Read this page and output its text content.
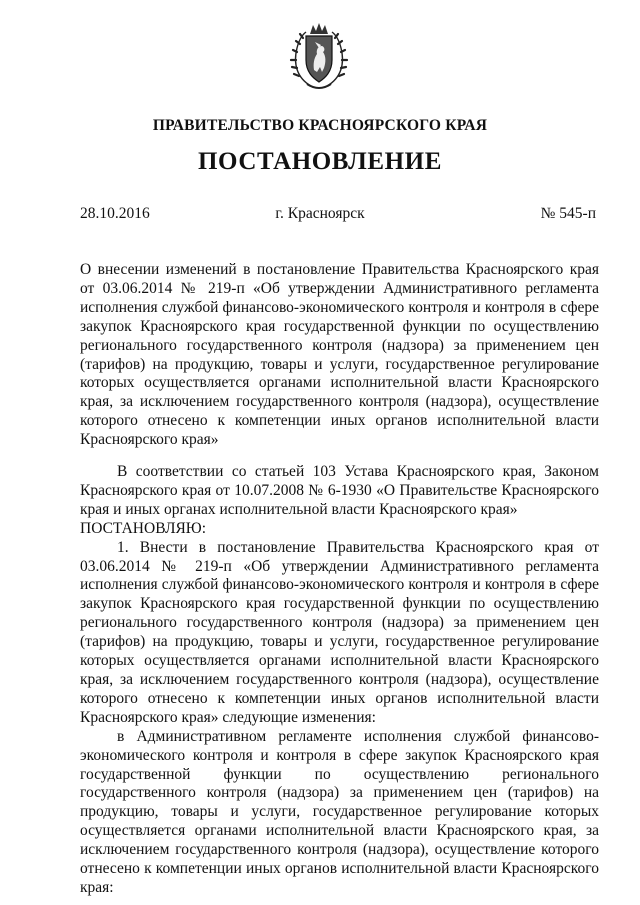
ПРАВИТЕЛЬСТВО КРАСНОЯРСКОГО КРАЯ
ПОСТАНОВЛЕНИЕ
28.10.2016	г. Красноярск	№ 545-п

О внесении изменений в постановление Правительства Красноярского края от 03.06.2014 № 219-п «Об утверждении Административного регламента исполнения службой финансово-экономического контроля и контроля в сфере закупок Красноярского края государственной функции по осуществлению регионального государственного контроля (надзора) за применением цен (тарифов) на продукцию, товары и услуги, государственное регулирование которых осуществляется органами исполнительной власти Красноярского края, за исключением государственного контроля (надзора), осуществление которого отнесено к компетенции иных органов исполнительной власти Красноярского края»

В соответствии со статьей 103 Устава Красноярского края, Законом Красноярского края от 10.07.2008 № 6-1930 «О Правительстве Красноярского края и иных органах исполнительной власти Красноярского края»

ПОСТАНОВЛЯЮ:

1. Внести в постановление Правительства Красноярского края от 03.06.2014 № 219-п «Об утверждении Административного регламента исполнения службой финансово-экономического контроля и контроля в сфере закупок Красноярского края государственной функции по осуществлению регионального государственного контроля (надзора) за применением цен (тарифов) на продукцию, товары и услуги, государственное регулирование которых осуществляется органами исполнительной власти Красноярского края, за исключением государственного контроля (надзора), осуществление которого отнесено к компетенции иных органов исполнительной власти Красноярского края» следующие изменения:

в Административном регламенте исполнения службой финансово-экономического контроля и контроля в сфере закупок Красноярского края государственной функции по осуществлению регионального государственного контроля (надзора) за применением цен (тарифов) на продукцию, товары и услуги, государственное регулирование которых осуществляется органами исполнительной власти Красноярского края, за исключением государственного контроля (надзора), осуществление которого отнесено к компетенции иных органов исполнительной власти Красноярского края:
